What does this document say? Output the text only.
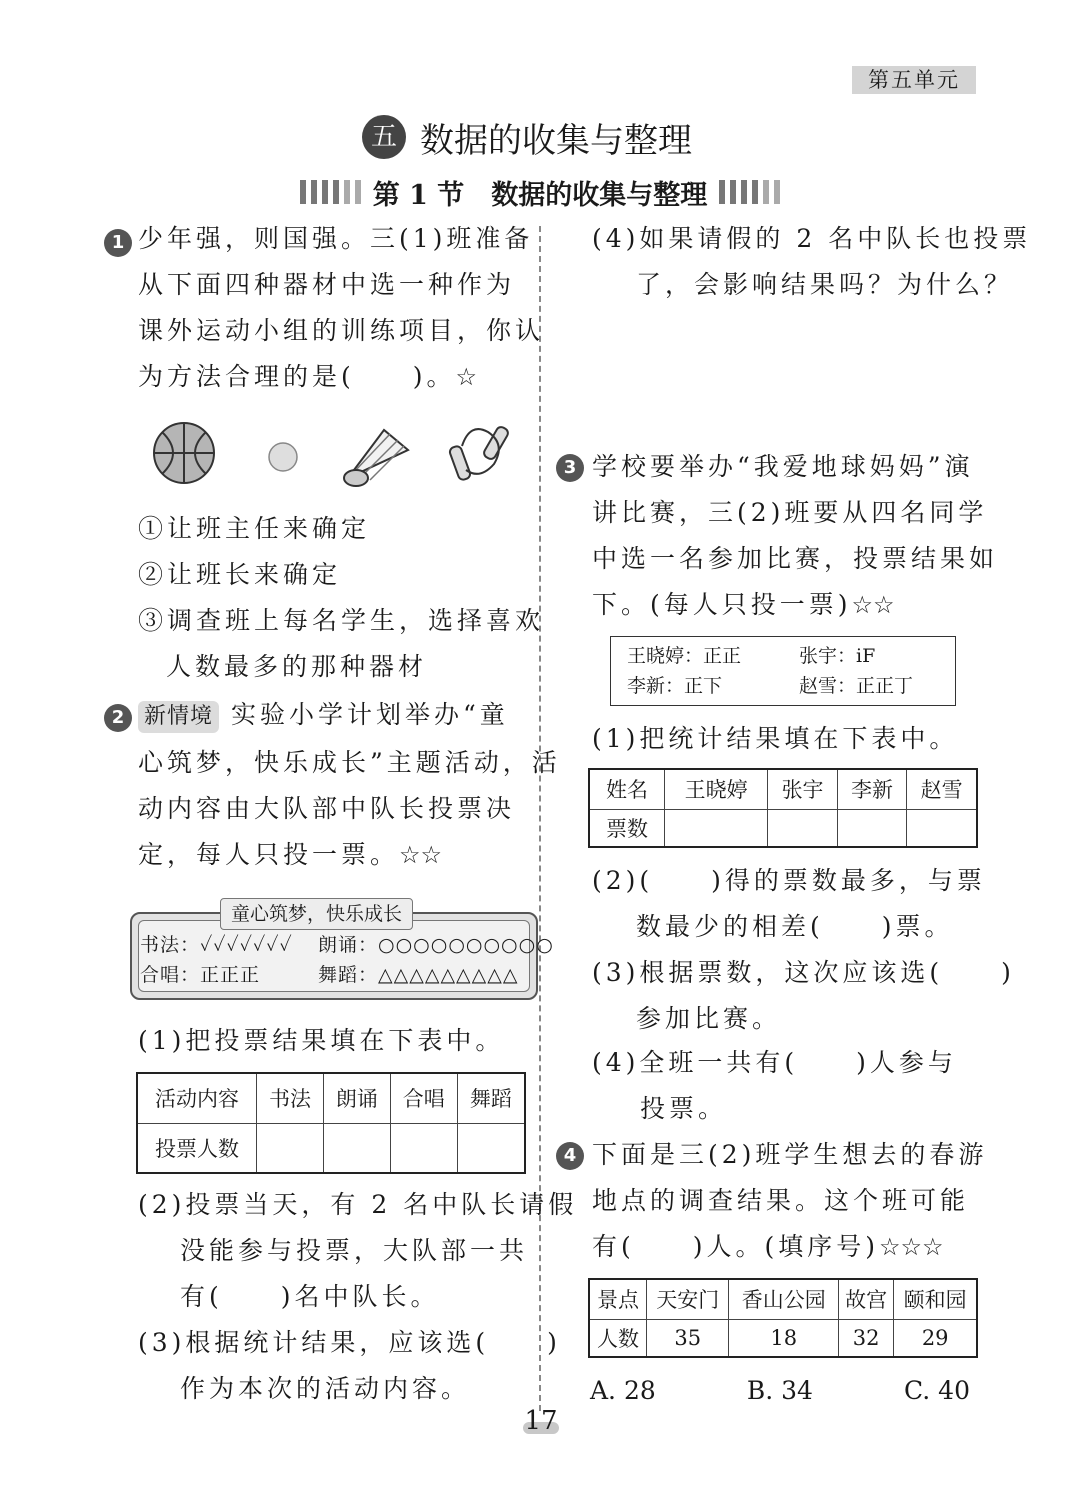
第五单元
五 数据的收集与整理
第 1 节　数据的收集与整理
1 少年强，则国强。三(1)班准备
从下面四种器材中选一种作为
课外运动小组的训练项目，你认
为方法合理的是(　　)。☆
①让班主任来确定
②让班长来确定
③调查班上每名学生，选择喜欢
人数最多的那种器材
2 新情境 实验小学计划举办“童
心筑梦，快乐成长”主题活动，活
动内容由大队部中队长投票决
定，每人只投一票。☆☆
童心筑梦，快乐成长
书法：✓✓✓✓✓✓✓ 朗诵：○○○○○○○○○○
合唱：正正正	舞蹈：△△△△△△△△△
(1)把投票结果填在下表中。
活动内容	书法	朗诵	合唱	舞蹈
投票人数				
(2)投票当天，有 2 名中队长请假
没能参与投票，大队部一共
有(　　)名中队长。
(3)根据统计结果，应该选(　　)
作为本次的活动内容。
(4)如果请假的 2 名中队长也投票
了，会影响结果吗？为什么？
3 学校要举办“我爱地球妈妈”演
讲比赛，三(2)班要从四名同学
中选一名参加比赛，投票结果如
下。(每人只投一票)☆☆
王晓婷：正正	张宇：iF
李新：正下	赵雪：正正丁
(1)把统计结果填在下表中。
姓名	王晓婷	张宇	李新	赵雪
票数				
(2)(　　)得的票数最多，与票
数最少的相差(　　)票。
(3)根据票数，这次应该选(　　)
参加比赛。
(4)全班一共有(　　)人参与
投票。
4 下面是三(2)班学生想去的春游
地点的调查结果。这个班可能
有(　　)人。(填序号)☆☆☆
景点	天安门	香山公园	故宫	颐和园
人数	35	18	32	29
A. 28	B. 34	C. 40
17
